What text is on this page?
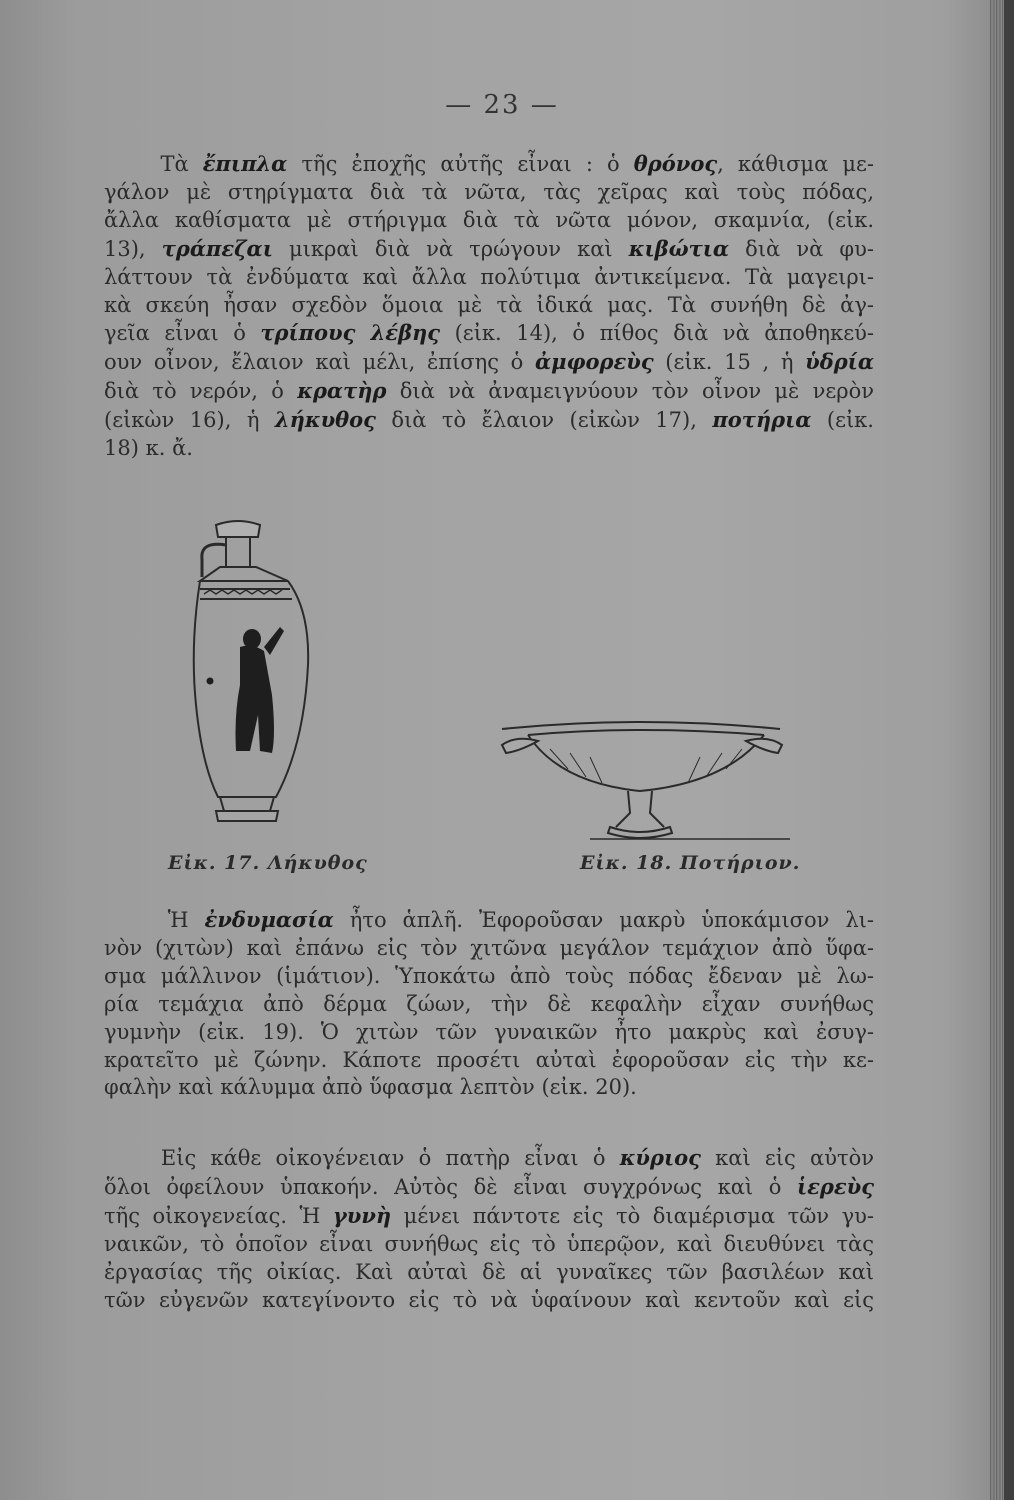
— 23 —

Τὰ ἔπιπλα τῆς ἐποχῆς αὐτῆς εἶναι : ὁ θρόνος, κάθισμα με-
γάλον μὲ στηρίγματα διὰ τὰ νῶτα, τὰς χεῖρας καὶ τοὺς πόδας,
ἄλλα καθίσματα μὲ στήριγμα διὰ τὰ νῶτα μόνον, σκαμνία, (εἰκ.
13), τράπεζαι μικραὶ διὰ νὰ τρώγουν καὶ κιβώτια διὰ νὰ φυ-
λάττουν τὰ ἐνδύματα καὶ ἄλλα πολύτιμα ἀντικείμενα. Τὰ μαγειρι-
κὰ σκεύη ἦσαν σχεδὸν ὅμοια μὲ τὰ ἰδικά μας. Τὰ συνήθη δὲ ἀγ-
γεῖα εἶναι ὁ τρίπους λέβης (εἰκ. 14), ὁ πίθος διὰ νὰ ἀποθηκεύ-
ουν οἶνον, ἔλαιον καὶ μέλι, ἐπίσης ὁ ἀμφορεὺς (εἰκ. 15 , ἡ ὑδρία
διὰ τὸ νερόν, ὁ κρατὴρ διὰ νὰ ἀναμειγνύουν τὸν οἶνον μὲ νερὸν
(εἰκὼν 16), ἡ λήκυθος διὰ τὸ ἔλαιον (εἰκὼν 17), ποτήρια (εἰκ.
18) κ. ἄ.

Εἰκ. 17. Λήκυθος	Εἰκ. 18. Ποτήριον.

Ἡ ἐνδυμασία ἦτο ἁπλῆ. Ἐφοροῦσαν μακρὺ ὑποκάμισον λι-
νὸν (χιτὼν) καὶ ἐπάνω εἰς τὸν χιτῶνα μεγάλον τεμάχιον ἀπὸ ὕφα-
σμα μάλλινον (ἱμάτιον). Ὑποκάτω ἀπὸ τοὺς πόδας ἔδεναν μὲ λω-
ρία τεμάχια ἀπὸ δέρμα ζώων, τὴν δὲ κεφαλὴν εἶχαν συνήθως
γυμνὴν (εἰκ. 19). Ὁ χιτὼν τῶν γυναικῶν ἦτο μακρὺς καὶ ἐσυγ-
κρατεῖτο μὲ ζώνην. Κάποτε προσέτι αὐταὶ ἐφοροῦσαν εἰς τὴν κε-
φαλὴν καὶ κάλυμμα ἀπὸ ὕφασμα λεπτὸν (εἰκ. 20).

Εἰς κάθε οἰκογένειαν ὁ πατὴρ εἶναι ὁ κύριος καὶ εἰς αὐτὸν
ὅλοι ὀφείλουν ὑπακοήν. Αὐτὸς δὲ εἶναι συγχρόνως καὶ ὁ ἱερεὺς
τῆς οἰκογενείας. Ἡ γυνὴ μένει πάντοτε εἰς τὸ διαμέρισμα τῶν γυ-
ναικῶν, τὸ ὁποῖον εἶναι συνήθως εἰς τὸ ὑπερῷον, καὶ διευθύνει τὰς
ἐργασίας τῆς οἰκίας. Καὶ αὐταὶ δὲ αἱ γυναῖκες τῶν βασιλέων καὶ
τῶν εὐγενῶν κατεγίνοντο εἰς τὸ νὰ ὑφαίνουν καὶ κεντοῦν καὶ εἰς
